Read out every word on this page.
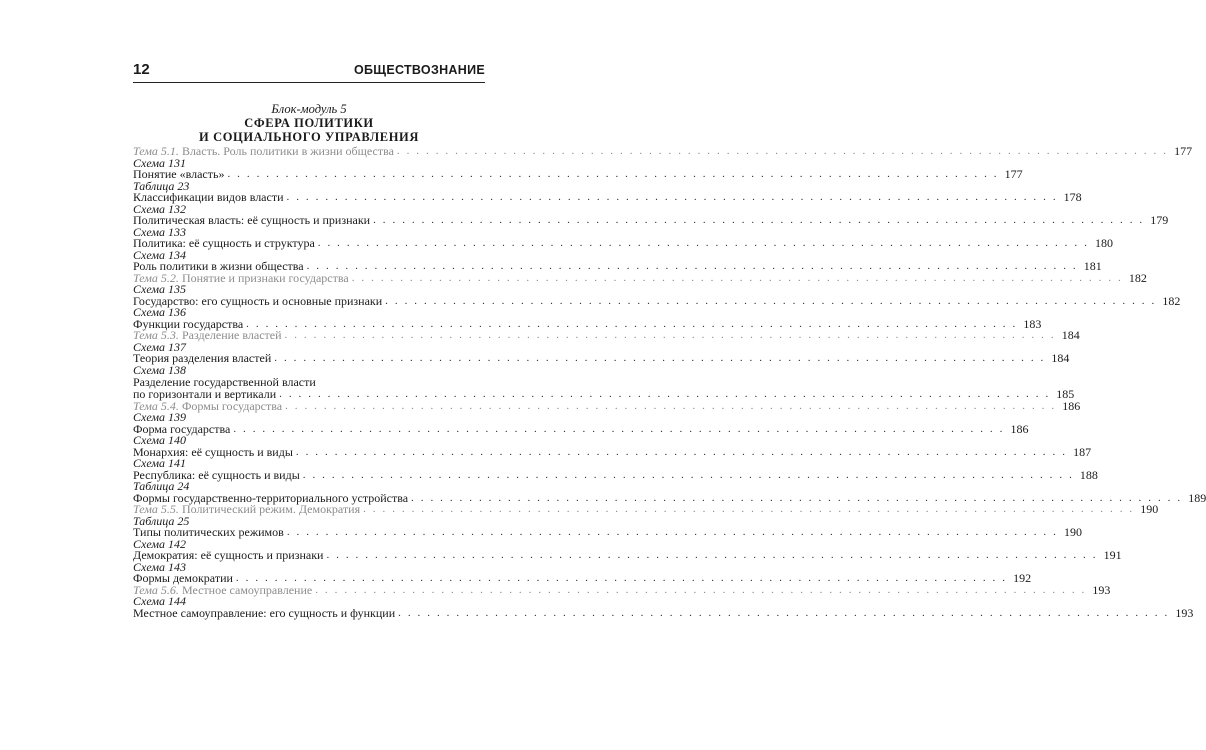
12	ОБЩЕСТВОЗНАНИЕ
Блок-модуль 5
СФЕРА ПОЛИТИКИ
И СОЦИАЛЬНОГО УПРАВЛЕНИЯ
Тема 5.1. Власть. Роль политики в жизни общества . . . . . . . . . . . . . . . . . . . . . . . . . . . . . . . . . . . . . . . . . . . . . . . . . . . . . . . . . . . . . . . . . . . . . . . . . . . . . . . . 177
Схема 131
Понятие «власть» . . . . . . . . . . . . . . . . . . . . . . . . . . . . . . . . . . . . . . . . . . . . . . . . . . . . . . . . . . . . . . . . . . . . . . . . . . . . . . . . 177
Таблица 23
Классификации видов власти . . . . . . . . . . . . . . . . . . . . . . . . . . . . . . . . . . . . . . . . . . . . . . . . . . . . . . . . . . . . . . . . . . . . . . . . . . . . . . . . 178
Схема 132
Политическая власть: её сущность и признаки . . . . . . . . . . . . . . . . . . . . . . . . . . . . . . . . . . . . . . . . . . . . . . . . . . . . . . . . . . . . . . . . . . . . . . . . . . . . . . . . 179
Схема 133
Политика: её сущность и структура . . . . . . . . . . . . . . . . . . . . . . . . . . . . . . . . . . . . . . . . . . . . . . . . . . . . . . . . . . . . . . . . . . . . . . . . . . . . . . . . 180
Схема 134
Роль политики в жизни общества . . . . . . . . . . . . . . . . . . . . . . . . . . . . . . . . . . . . . . . . . . . . . . . . . . . . . . . . . . . . . . . . . . . . . . . . . . . . . . . . 181
Тема 5.2. Понятие и признаки государства . . . . . . . . . . . . . . . . . . . . . . . . . . . . . . . . . . . . . . . . . . . . . . . . . . . . . . . . . . . . . . . . . . . . . . . . . . . . . . . . 182
Схема 135
Государство: его сущность и основные признаки . . . . . . . . . . . . . . . . . . . . . . . . . . . . . . . . . . . . . . . . . . . . . . . . . . . . . . . . . . . . . . . . . . . . . . . . . . . . . . . . 182
Схема 136
Функции государства . . . . . . . . . . . . . . . . . . . . . . . . . . . . . . . . . . . . . . . . . . . . . . . . . . . . . . . . . . . . . . . . . . . . . . . . . . . . . . . . 183
Тема 5.3. Разделение властей . . . . . . . . . . . . . . . . . . . . . . . . . . . . . . . . . . . . . . . . . . . . . . . . . . . . . . . . . . . . . . . . . . . . . . . . . . . . . . . . 184
Схема 137
Теория разделения властей . . . . . . . . . . . . . . . . . . . . . . . . . . . . . . . . . . . . . . . . . . . . . . . . . . . . . . . . . . . . . . . . . . . . . . . . . . . . . . . . 184
Схема 138
Разделение государственной власти
по горизонтали и вертикали . . . . . . . . . . . . . . . . . . . . . . . . . . . . . . . . . . . . . . . . . . . . . . . . . . . . . . . . . . . . . . . . . . . . . . . . . . . . . . . . 185
Тема 5.4. Формы государства . . . . . . . . . . . . . . . . . . . . . . . . . . . . . . . . . . . . . . . . . . . . . . . . . . . . . . . . . . . . . . . . . . . . . . . . . . . . . . . . 186
Схема 139
Форма государства . . . . . . . . . . . . . . . . . . . . . . . . . . . . . . . . . . . . . . . . . . . . . . . . . . . . . . . . . . . . . . . . . . . . . . . . . . . . . . . . 186
Схема 140
Монархия: её сущность и виды . . . . . . . . . . . . . . . . . . . . . . . . . . . . . . . . . . . . . . . . . . . . . . . . . . . . . . . . . . . . . . . . . . . . . . . . . . . . . . . . 187
Схема 141
Республика: её сущность и виды . . . . . . . . . . . . . . . . . . . . . . . . . . . . . . . . . . . . . . . . . . . . . . . . . . . . . . . . . . . . . . . . . . . . . . . . . . . . . . . . 188
Таблица 24
Формы государственно-территориального устройства . . . . . . . . . . . . . . . . . . . . . . . . . . . . . . . . . . . . . . . . . . . . . . . . . . . . . . . . . . . . . . . . . . . . . . . . . . . . . . . . 189
Тема 5.5. Политический режим. Демократия . . . . . . . . . . . . . . . . . . . . . . . . . . . . . . . . . . . . . . . . . . . . . . . . . . . . . . . . . . . . . . . . . . . . . . . . . . . . . . . . 190
Таблица 25
Типы политических режимов . . . . . . . . . . . . . . . . . . . . . . . . . . . . . . . . . . . . . . . . . . . . . . . . . . . . . . . . . . . . . . . . . . . . . . . . . . . . . . . . 190
Схема 142
Демократия: её сущность и признаки . . . . . . . . . . . . . . . . . . . . . . . . . . . . . . . . . . . . . . . . . . . . . . . . . . . . . . . . . . . . . . . . . . . . . . . . . . . . . . . . 191
Схема 143
Формы демократии . . . . . . . . . . . . . . . . . . . . . . . . . . . . . . . . . . . . . . . . . . . . . . . . . . . . . . . . . . . . . . . . . . . . . . . . . . . . . . . . 192
Тема 5.6. Местное самоуправление . . . . . . . . . . . . . . . . . . . . . . . . . . . . . . . . . . . . . . . . . . . . . . . . . . . . . . . . . . . . . . . . . . . . . . . . . . . . . . . . 193
Схема 144
Местное самоуправление: его сущность и функции . . . . . . . . . . . . . . . . . . . . . . . . . . . . . . . . . . . . . . . . . . . . . . . . . . . . . . . . . . . . . . . . . . . . . . . . . . . . . . . . 193
